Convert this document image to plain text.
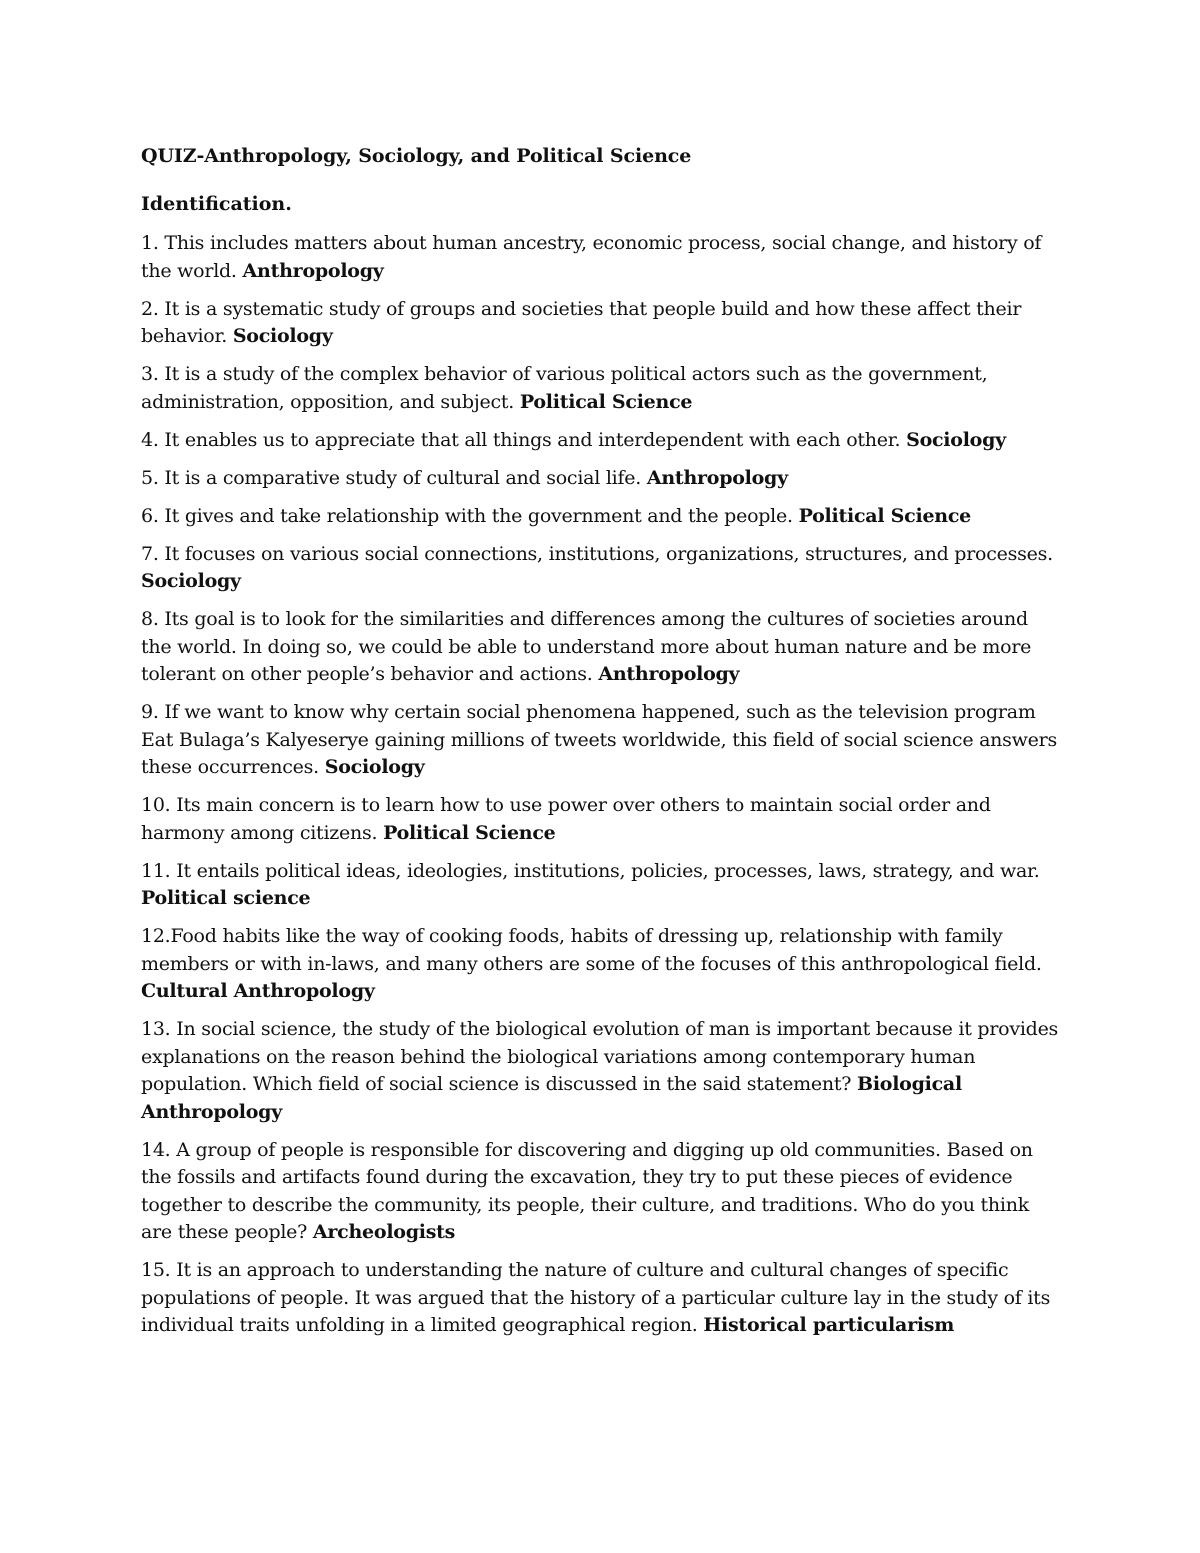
QUIZ-Anthropology, Sociology, and Political Science
Identification.
1. This includes matters about human ancestry, economic process, social change, and history of the world. Anthropology
2. It is a systematic study of groups and societies that people build and how these affect their behavior. Sociology
3. It is a study of the complex behavior of various political actors such as the government, administration, opposition, and subject. Political Science
4. It enables us to appreciate that all things and interdependent with each other. Sociology
5. It is a comparative study of cultural and social life. Anthropology
6. It gives and take relationship with the government and the people. Political Science
7. It focuses on various social connections, institutions, organizations, structures, and processes. Sociology
8. Its goal is to look for the similarities and differences among the cultures of societies around the world. In doing so, we could be able to understand more about human nature and be more tolerant on other people’s behavior and actions. Anthropology
9. If we want to know why certain social phenomena happened, such as the television program Eat Bulaga’s Kalyeserye gaining millions of tweets worldwide, this field of social science answers these occurrences. Sociology
10. Its main concern is to learn how to use power over others to maintain social order and harmony among citizens. Political Science
11. It entails political ideas, ideologies, institutions, policies, processes, laws, strategy, and war. Political science
12.Food habits like the way of cooking foods, habits of dressing up, relationship with family members or with in-laws, and many others are some of the focuses of this anthropological field. Cultural Anthropology
13. In social science, the study of the biological evolution of man is important because it provides explanations on the reason behind the biological variations among contemporary human population. Which field of social science is discussed in the said statement? Biological Anthropology
14. A group of people is responsible for discovering and digging up old communities. Based on the fossils and artifacts found during the excavation, they try to put these pieces of evidence together to describe the community, its people, their culture, and traditions. Who do you think are these people? Archeologists
15. It is an approach to understanding the nature of culture and cultural changes of specific populations of people. It was argued that the history of a particular culture lay in the study of its individual traits unfolding in a limited geographical region. Historical particularism
